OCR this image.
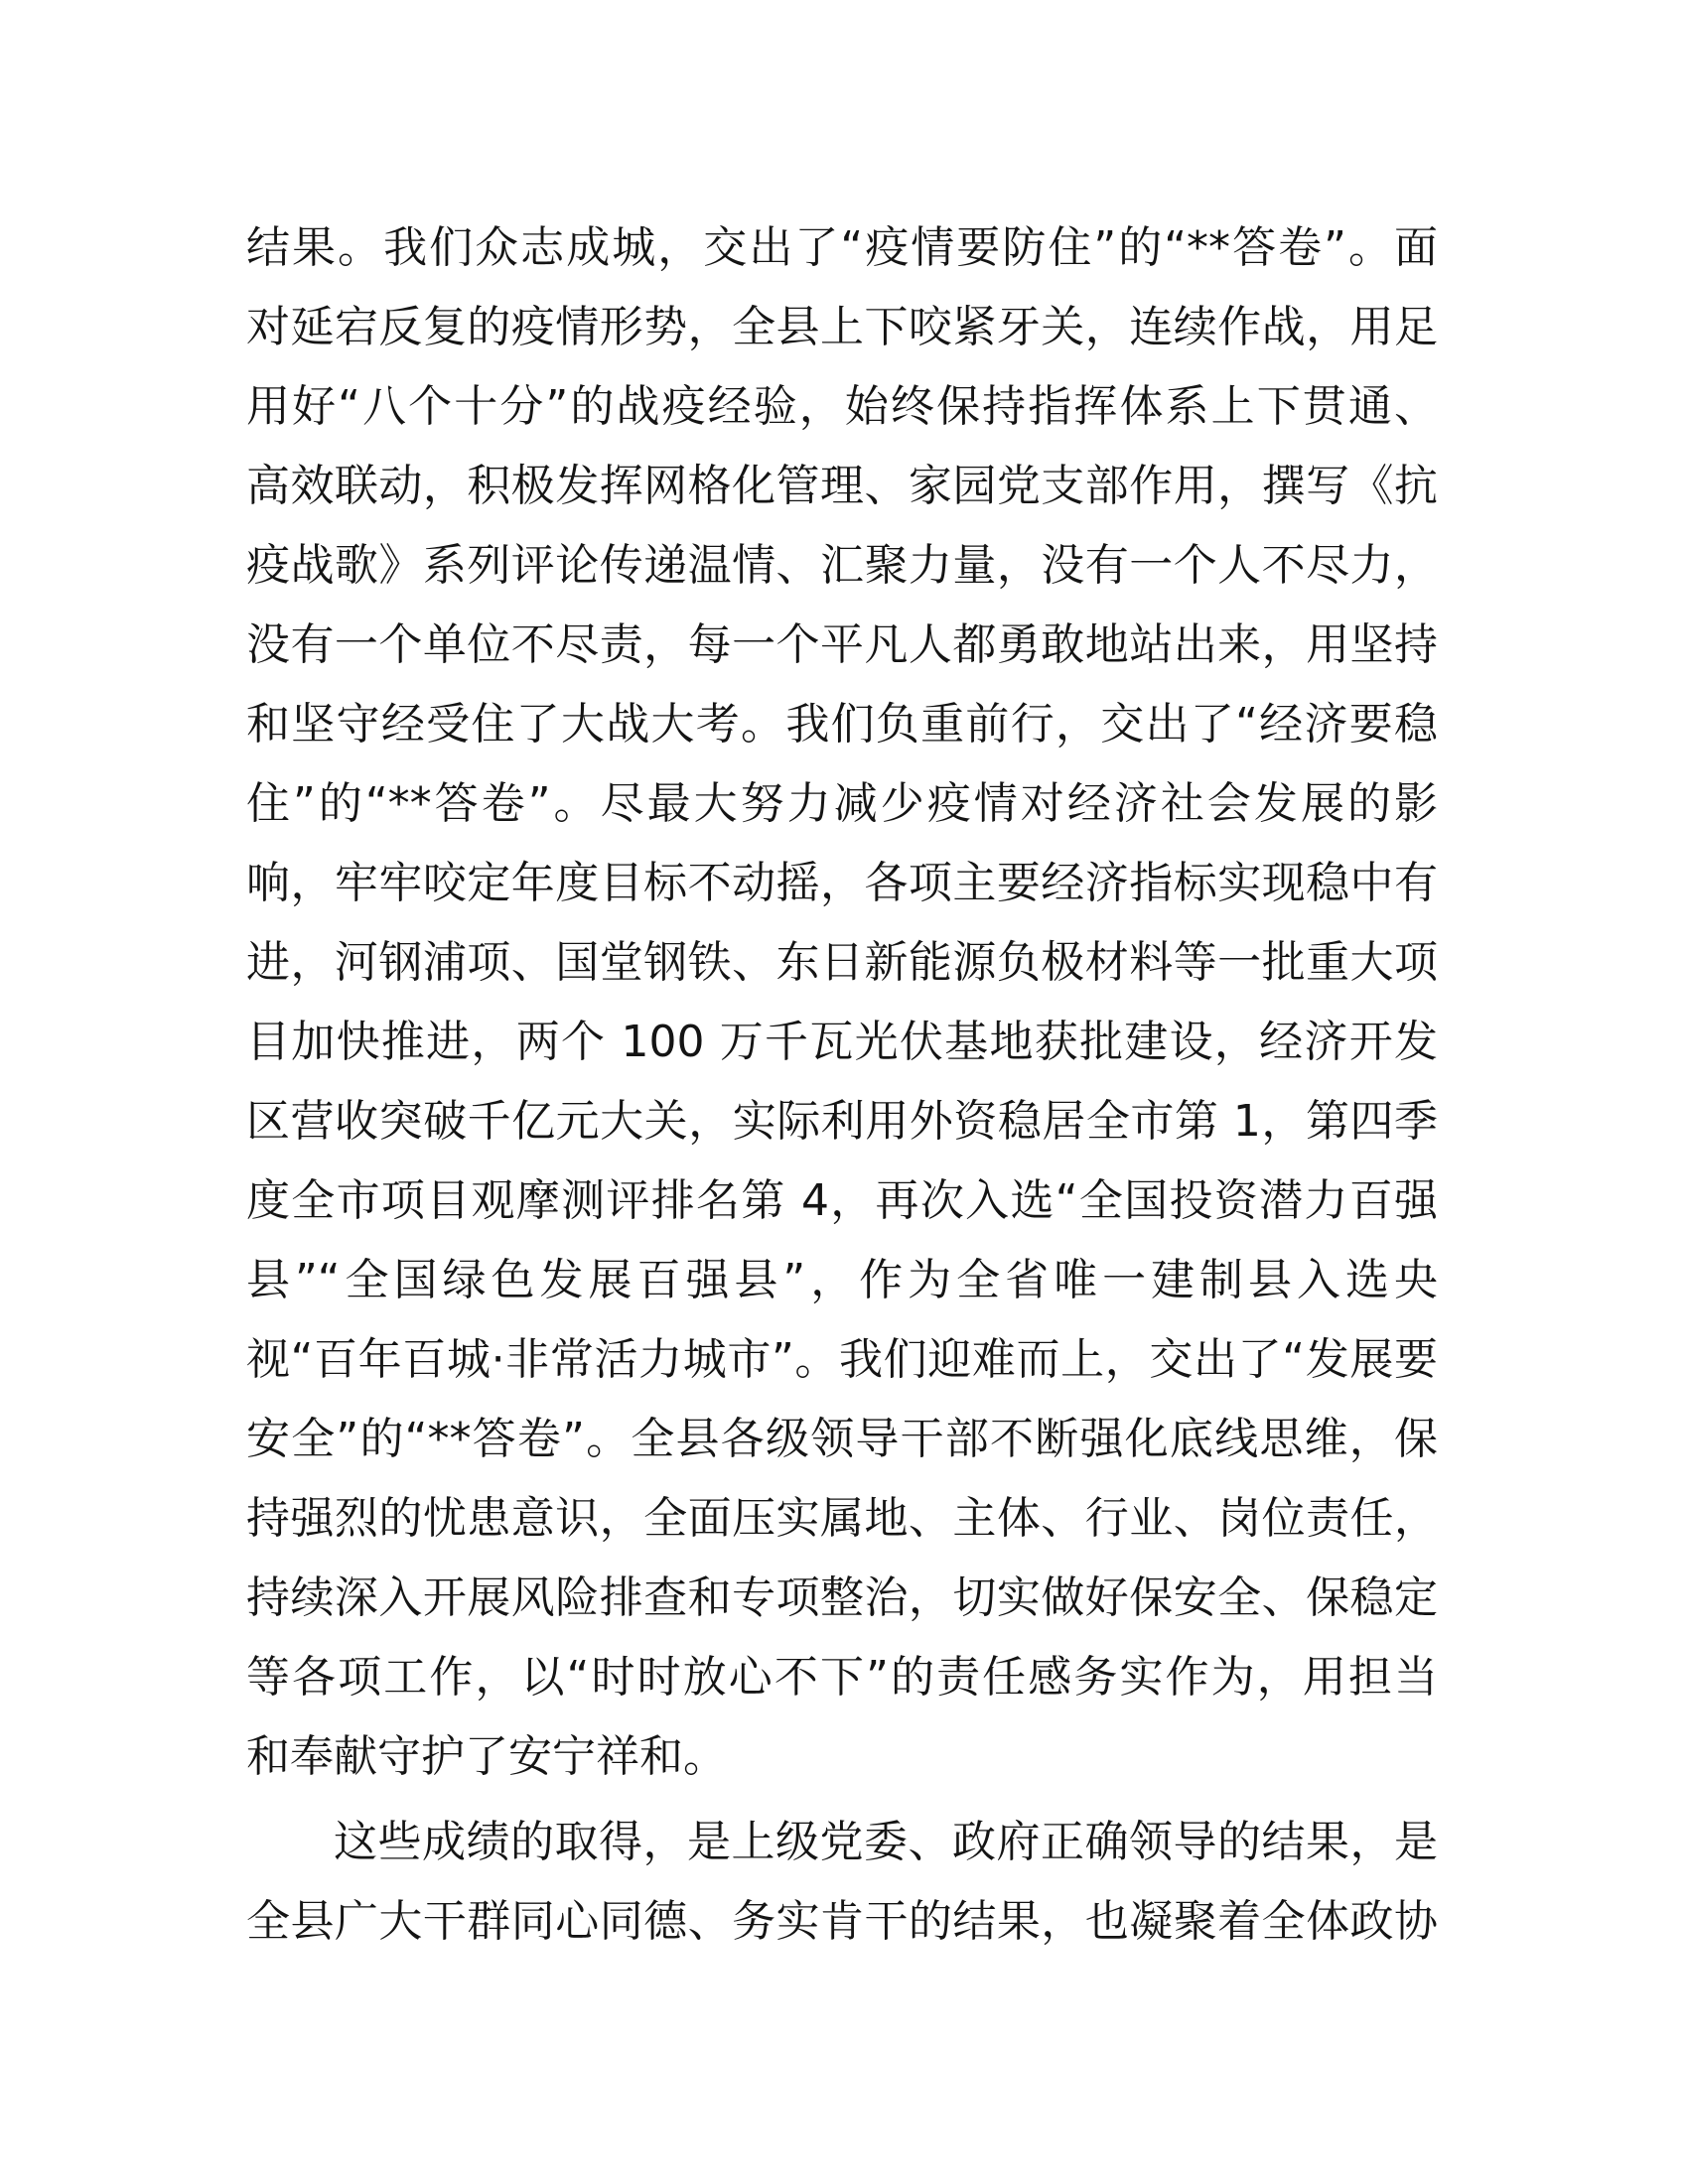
结果。我们众志成城，交出了“疫情要防住”的“**答卷”。面
对延宕反复的疫情形势，全县上下咬紧牙关，连续作战，用足
用好“八个十分”的战疫经验，始终保持指挥体系上下贯通、
高效联动，积极发挥网格化管理、家园党支部作用，撰写《抗
疫战歌》系列评论传递温情、汇聚力量，没有一个人不尽力，
没有一个单位不尽责，每一个平凡人都勇敢地站出来，用坚持
和坚守经受住了大战大考。我们负重前行，交出了“经济要稳
住”的“**答卷”。尽最大努力减少疫情对经济社会发展的影
响，牢牢咬定年度目标不动摇，各项主要经济指标实现稳中有
进，河钢浦项、国堂钢铁、东日新能源负极材料等一批重大项
目加快推进，两个 100 万千瓦光伏基地获批建设，经济开发
区营收突破千亿元大关，实际利用外资稳居全市第 1，第四季
度全市项目观摩测评排名第 4，再次入选“全国投资潜力百强
县”“全国绿色发展百强县”，作为全省唯一建制县入选央
视“百年百城·非常活力城市”。我们迎难而上，交出了“发展要
安全”的“**答卷”。全县各级领导干部不断强化底线思维，保
持强烈的忧患意识，全面压实属地、主体、行业、岗位责任，
持续深入开展风险排查和专项整治，切实做好保安全、保稳定
等各项工作，以“时时放心不下”的责任感务实作为，用担当
和奉献守护了安宁祥和。
这些成绩的取得，是上级党委、政府正确领导的结果，是
全县广大干群同心同德、务实肯干的结果，也凝聚着全体政协
